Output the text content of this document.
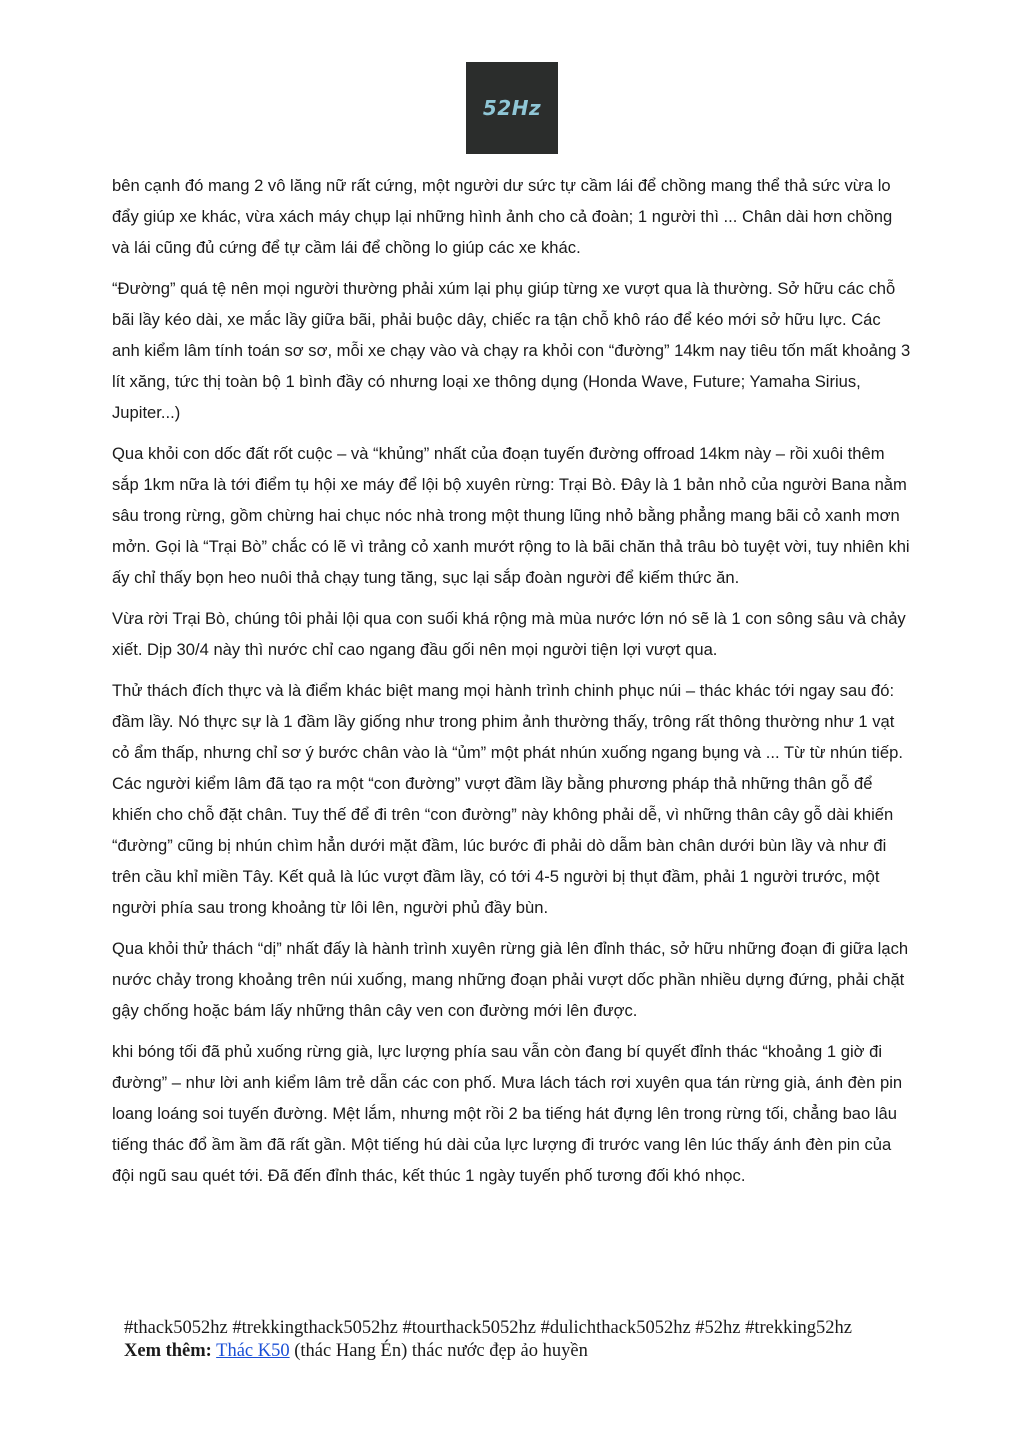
52Hz

bên cạnh đó mang 2 vô lăng nữ rất cứng, một người dư sức tự cầm lái để chồng mang thể thả sức vừa lo đẩy giúp xe khác, vừa xách máy chụp lại những hình ảnh cho cả đoàn; 1 người thì ... Chân dài hơn chồng và lái cũng đủ cứng để tự cầm lái để chồng lo giúp các xe khác.

“Đường” quá tệ nên mọi người thường phải xúm lại phụ giúp từng xe vượt qua là thường. Sở hữu các chỗ bãi lầy kéo dài, xe mắc lầy giữa bãi, phải buộc dây, chiếc ra tận chỗ khô ráo để kéo mới sở hữu lực. Các anh kiểm lâm tính toán sơ sơ, mỗi xe chạy vào và chạy ra khỏi con “đường” 14km nay tiêu tốn mất khoảng 3 lít xăng, tức thị toàn bộ 1 bình đầy có nhưng loại xe thông dụng (Honda Wave, Future; Yamaha Sirius, Jupiter...)

Qua khỏi con dốc đất rốt cuộc – và “khủng” nhất của đoạn tuyến đường offroad 14km này – rồi xuôi thêm sắp 1km nữa là tới điểm tụ hội xe máy để lội bộ xuyên rừng: Trại Bò. Đây là 1 bản nhỏ của người Bana nằm sâu trong rừng, gồm chừng hai chục nóc nhà trong một thung lũng nhỏ bằng phẳng mang bãi cỏ xanh mơn mởn. Gọi là “Trại Bò” chắc có lẽ vì trảng cỏ xanh mướt rộng to là bãi chăn thả trâu bò tuyệt vời, tuy nhiên khi ấy chỉ thấy bọn heo nuôi thả chạy tung tăng, sục lại sắp đoàn người để kiếm thức ăn.

Vừa rời Trại Bò, chúng tôi phải lội qua con suối khá rộng mà mùa nước lớn nó sẽ là 1 con sông sâu và chảy xiết. Dịp 30/4 này thì nước chỉ cao ngang đầu gối nên mọi người tiện lợi vượt qua.

Thử thách đích thực và là điểm khác biệt mang mọi hành trình chinh phục núi – thác khác tới ngay sau đó: đầm lầy. Nó thực sự là 1 đầm lầy giống như trong phim ảnh thường thấy, trông rất thông thường như 1 vạt cỏ ẩm thấp, nhưng chỉ sơ ý bước chân vào là “ủm” một phát nhún xuống ngang bụng và ... Từ từ nhún tiếp. Các người kiểm lâm đã tạo ra một “con đường” vượt đầm lầy bằng phương pháp thả những thân gỗ để khiến cho chỗ đặt chân. Tuy thế để đi trên “con đường” này không phải dễ, vì những thân cây gỗ dài khiến “đường” cũng bị nhún chìm hẳn dưới mặt đầm, lúc bước đi phải dò dẫm bàn chân dưới bùn lầy và như đi trên cầu khỉ miền Tây. Kết quả là lúc vượt đầm lầy, có tới 4-5 người bị thụt đầm, phải 1 người trước, một người phía sau trong khoảng từ lôi lên, người phủ đầy bùn.

Qua khỏi thử thách “dị” nhất đấy là hành trình xuyên rừng già lên đỉnh thác, sở hữu những đoạn đi giữa lạch nước chảy trong khoảng trên núi xuống, mang những đoạn phải vượt dốc phần nhiều dựng đứng, phải chặt gậy chống hoặc bám lấy những thân cây ven con đường mới lên được.

khi bóng tối đã phủ xuống rừng già, lực lượng phía sau vẫn còn đang bí quyết đỉnh thác “khoảng 1 giờ đi đường” – như lời anh kiểm lâm trẻ dẫn các con phố. Mưa lách tách rơi xuyên qua tán rừng già, ánh đèn pin loang loáng soi tuyến đường. Mệt lắm, nhưng một rồi 2 ba tiếng hát đựng lên trong rừng tối, chẳng bao lâu tiếng thác đổ ầm ầm đã rất gần. Một tiếng hú dài của lực lượng đi trước vang lên lúc thấy ánh đèn pin của đội ngũ sau quét tới. Đã đến đỉnh thác, kết thúc 1 ngày tuyến phố tương đối khó nhọc.

#thack5052hz #trekkingthack5052hz #tourthack5052hz #dulichthack5052hz #52hz #trekking52hz

Xem thêm: Thác K50 (thác Hang Én) thác nước đẹp ảo huyền
